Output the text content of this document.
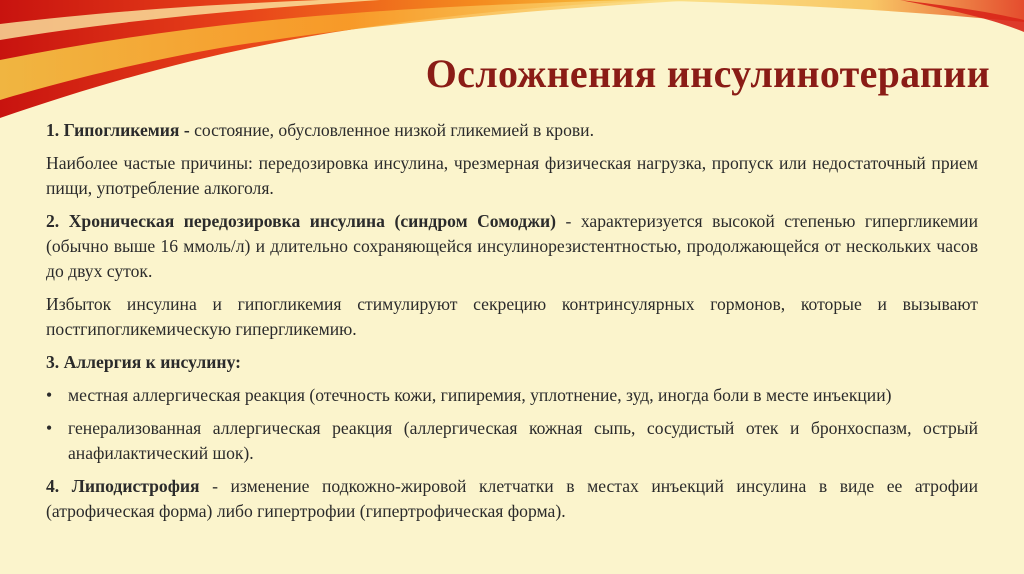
Осложнения инсулинотерапии

1. Гипогликемия - состояние, обусловленное низкой гликемией в крови.

Наиболее частые причины: передозировка инсулина, чрезмерная физическая нагрузка, пропуск или недостаточный прием пищи, употребление алкоголя.

2. Хроническая передозировка инсулина (синдром Сомоджи) - характеризуется высокой степенью гипергликемии (обычно выше 16 ммоль/л) и длительно сохраняющейся инсулинорезистентностью, продолжающейся от нескольких часов до двух суток.

Избыток инсулина и гипогликемия стимулируют секрецию контринсулярных гормонов, которые и вызывают постгипогликемическую гипергликемию.

3. Аллергия к инсулину:

• местная аллергическая реакция (отечность кожи, гипиремия, уплотнение, зуд, иногда боли в месте инъекции)
• генерализованная аллергическая реакция (аллергическая кожная сыпь, сосудистый отек и бронхоспазм, острый анафилактический шок).

4. Липодистрофия - изменение подкожно-жировой клетчатки в местах инъекций инсулина в виде ее атрофии (атрофическая форма) либо гипертрофии (гипертрофическая форма).
